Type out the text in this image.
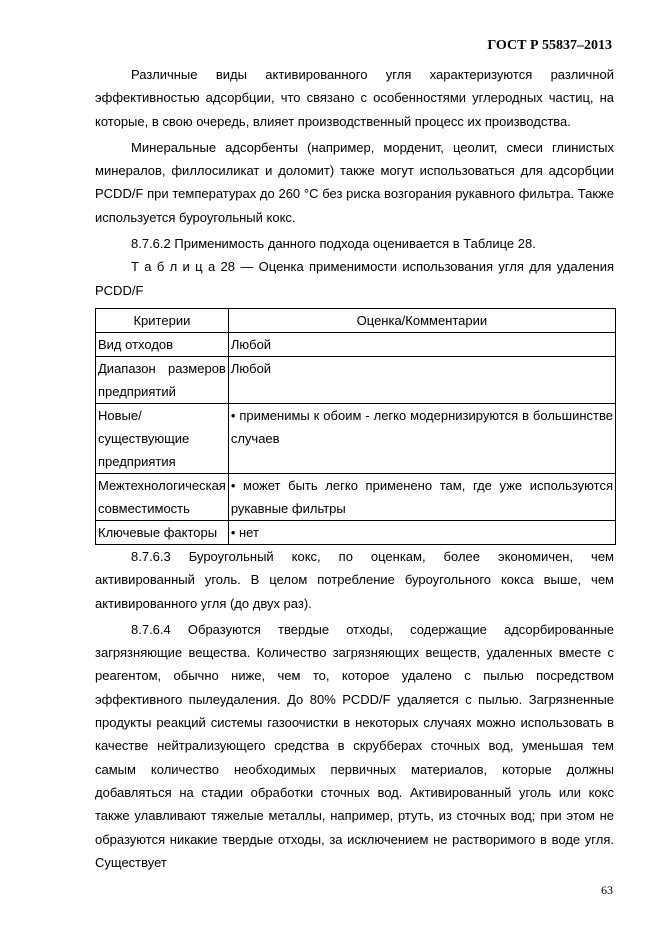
ГОСТ Р 55837–2013

Различные виды активированного угля характеризуются различной эффективностью адсорбции, что связано с особенностями углеродных частиц, на которые, в свою очередь, влияет производственный процесс их производства.

Минеральные адсорбенты (например, морденит, цеолит, смеси глинистых минералов, филлосиликат и доломит) также могут использоваться для адсорбции PCDD/F при температурах до 260 °С без риска возгорания рукавного фильтра. Также используется буроугольный кокс.

8.7.6.2 Применимость данного подхода оценивается в Таблице 28.

Т а б л и ц а 28 — Оценка применимости использования угля для удаления PCDD/F

Критерии	Оценка/Комментарии
Вид отходов	Любой
Диапазон размеров предприятий	Любой
Новые/ существующие предприятия	• применимы к обоим - легко модернизируются в большинстве случаев
Межтехнологическая совместимость	• может быть легко применено там, где уже используются рукавные фильтры
Ключевые факторы	• нет

8.7.6.3 Буроугольный кокс, по оценкам, более экономичен, чем активированный уголь. В целом потребление буроугольного кокса выше, чем активированного угля (до двух раз).

8.7.6.4 Образуются твердые отходы, содержащие адсорбированные загрязняющие вещества. Количество загрязняющих веществ, удаленных вместе с реагентом, обычно ниже, чем то, которое удалено с пылью посредством эффективного пылеудаления. До 80% PCDD/F удаляется с пылью. Загрязненные продукты реакций системы газоочистки в некоторых случаях можно использовать в качестве нейтрализующего средства в скрубберах сточных вод, уменьшая тем самым количество необходимых первичных материалов, которые должны добавляться на стадии обработки сточных вод. Активированный уголь или кокс также улавливают тяжелые металлы, например, ртуть, из сточных вод; при этом не образуются никакие твердые отходы, за исключением не растворимого в воде угля. Существует

63
